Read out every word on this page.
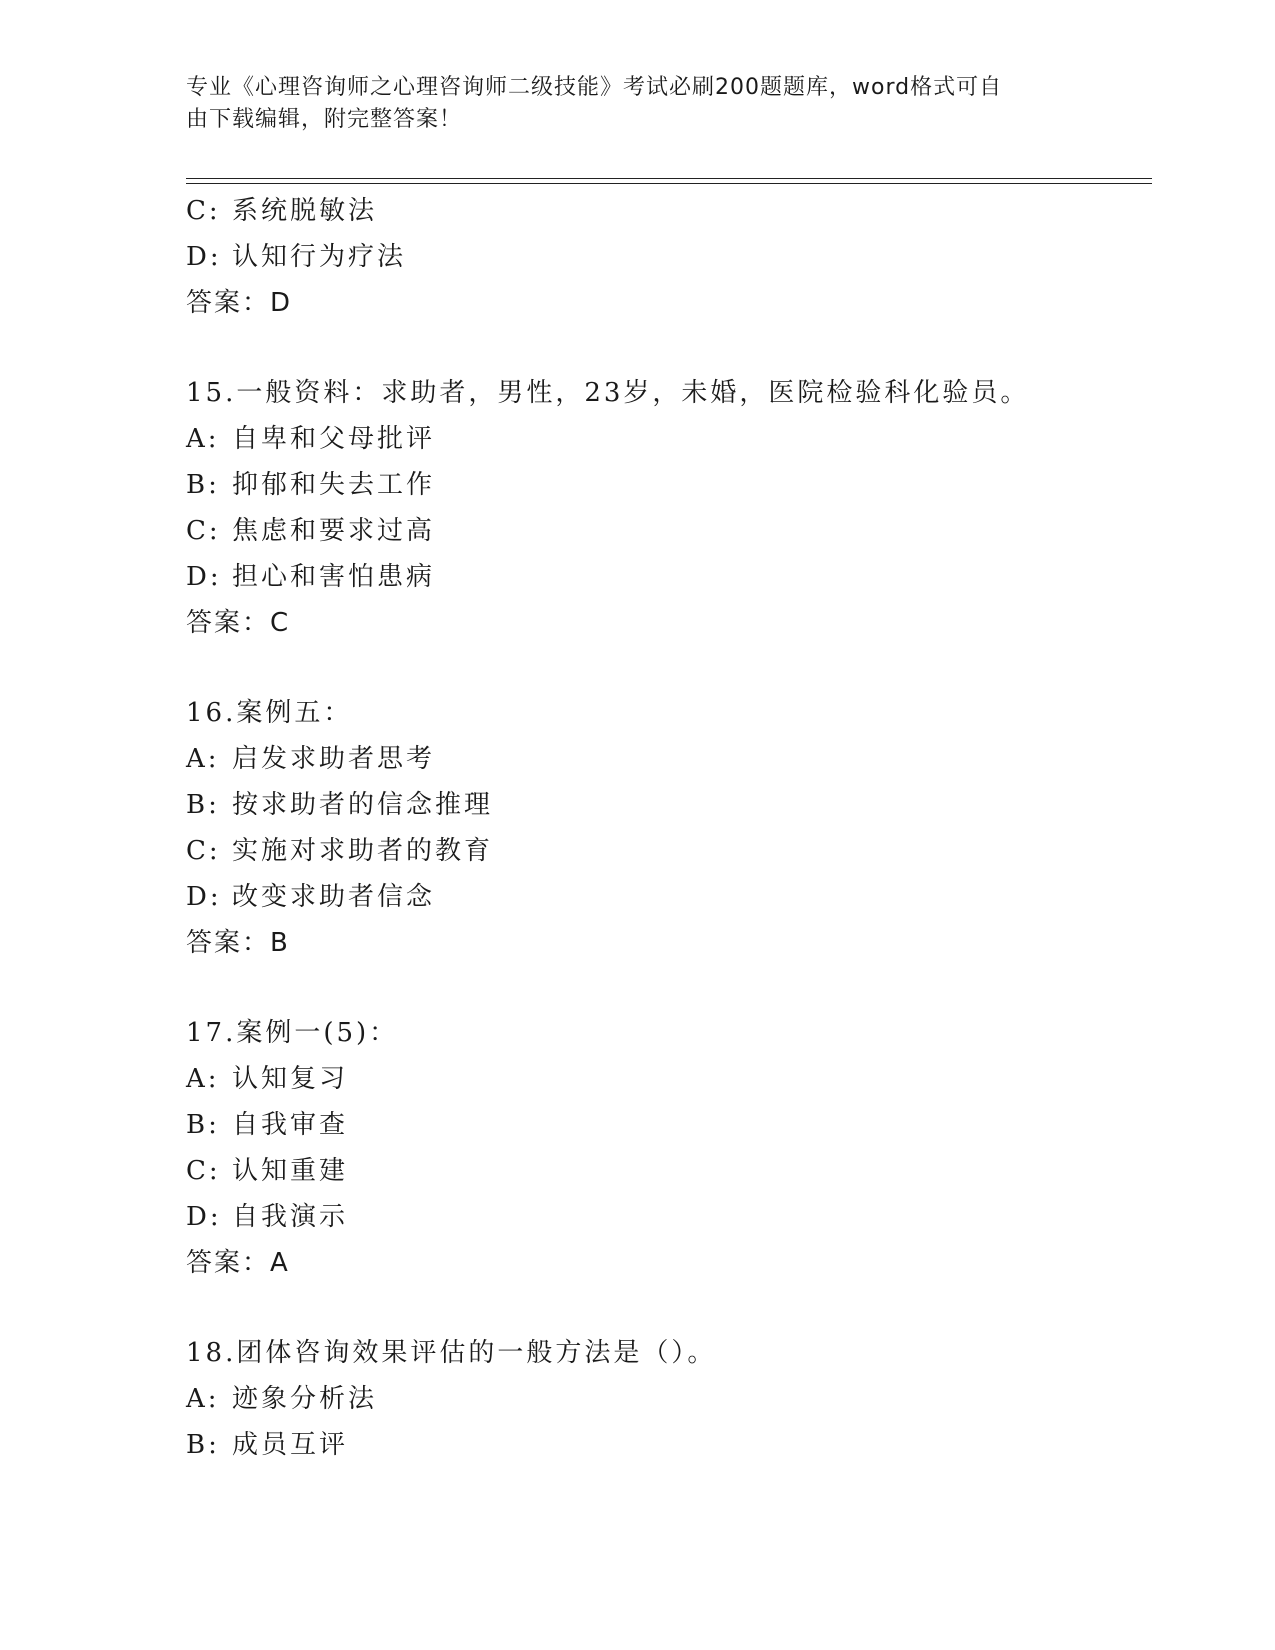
专业《心理咨询师之心理咨询师二级技能》考试必刷200题题库，word格式可自
由下载编辑，附完整答案！
C: 系统脱敏法
D: 认知行为疗法
答案：D
15.一般资料：求助者，男性，23岁，未婚，医院检验科化验员。
A: 自卑和父母批评
B: 抑郁和失去工作
C: 焦虑和要求过高
D: 担心和害怕患病
答案：C
16.案例五：
A: 启发求助者思考
B: 按求助者的信念推理
C: 实施对求助者的教育
D: 改变求助者信念
答案：B
17.案例一(5)：
A: 认知复习
B: 自我审查
C: 认知重建
D: 自我演示
答案：A
18.团体咨询效果评估的一般方法是（）。
A: 迹象分析法
B: 成员互评
